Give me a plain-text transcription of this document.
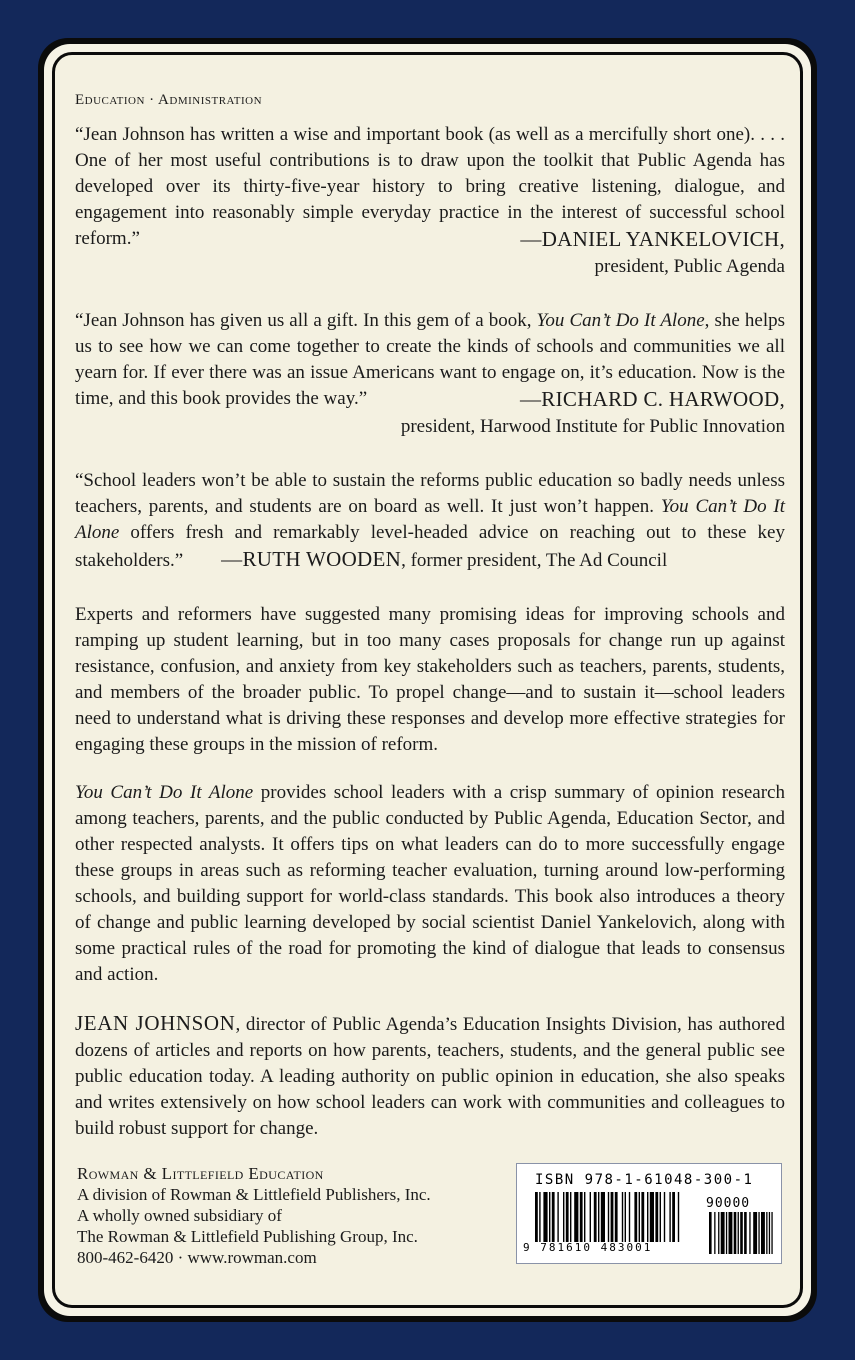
Education · Administration

“Jean Johnson has written a wise and important book (as well as a mercifully short one). . . . One of her most useful contributions is to draw upon the toolkit that Public Agenda has developed over its thirty-five-year history to bring creative listening, dialogue, and engagement into reasonably simple everyday practice in the interest of successful school reform.”	—DANIEL YANKELOVICH,
president, Public Agenda

“Jean Johnson has given us all a gift. In this gem of a book, You Can’t Do It Alone, she helps us to see how we can come together to create the kinds of schools and communities we all yearn for. If ever there was an issue Americans want to engage on, it’s education. Now is the time, and this book provides the way.”	—RICHARD C. HARWOOD,
president, Harwood Institute for Public Innovation

“School leaders won’t be able to sustain the reforms public education so badly needs unless teachers, parents, and students are on board as well. It just won’t happen. You Can’t Do It Alone offers fresh and remarkably level-headed advice on reaching out to these key stakeholders.” —RUTH WOODEN, former president, The Ad Council

Experts and reformers have suggested many promising ideas for improving schools and ramping up student learning, but in too many cases proposals for change run up against resistance, confusion, and anxiety from key stakeholders such as teachers, parents, students, and members of the broader public. To propel change—and to sustain it—school leaders need to understand what is driving these responses and develop more effective strategies for engaging these groups in the mission of reform.

You Can’t Do It Alone provides school leaders with a crisp summary of opinion research among teachers, parents, and the public conducted by Public Agenda, Education Sector, and other respected analysts. It offers tips on what leaders can do to more successfully engage these groups in areas such as reforming teacher evaluation, turning around low-performing schools, and building support for world-class standards. This book also introduces a theory of change and public learning developed by social scientist Daniel Yankelovich, along with some practical rules of the road for promoting the kind of dialogue that leads to consensus and action.

JEAN JOHNSON, director of Public Agenda’s Education Insights Division, has authored dozens of articles and reports on how parents, teachers, students, and the general public see public education today. A leading authority on public opinion in education, she also speaks and writes extensively on how school leaders can work with communities and colleagues to build robust support for change.

Rowman & Littlefield Education
A division of Rowman & Littlefield Publishers, Inc.
A wholly owned subsidiary of
The Rowman & Littlefield Publishing Group, Inc.
800-462-6420 · www.rowman.com
ISBN 978-1-61048-300-1
90000
9 781610 483001
